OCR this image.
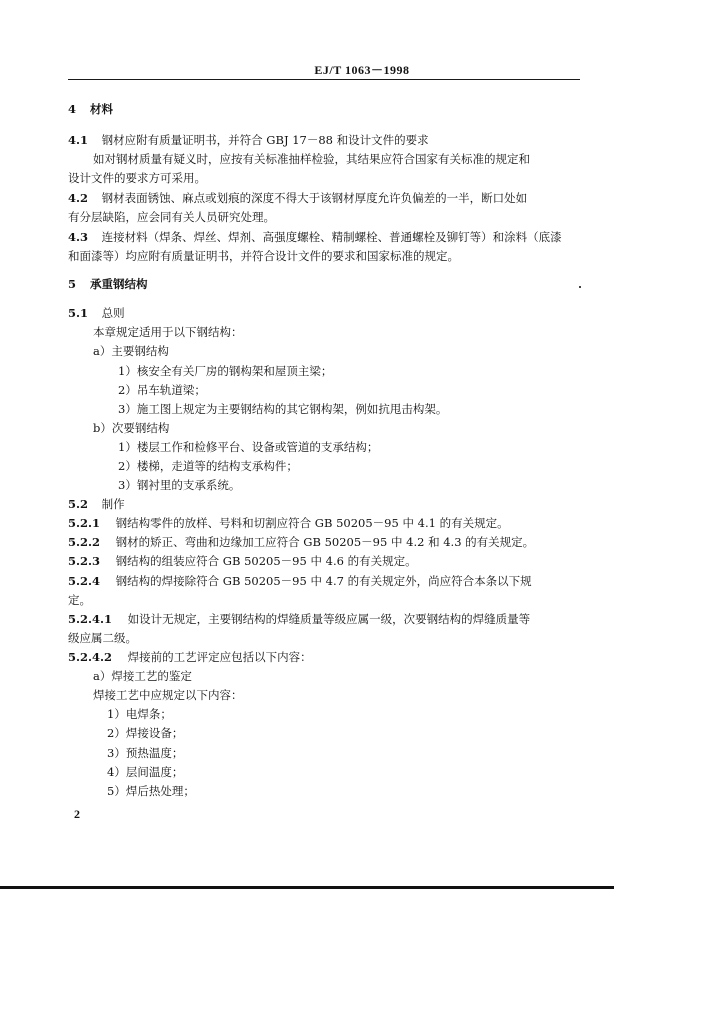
EJ/T 1063－1998
4 材料
4.1 钢材应附有质量证明书，并符合 GBJ 17－88 和设计文件的要求
如对钢材质量有疑义时，应按有关标准抽样检验，其结果应符合国家有关标准的规定和
设计文件的要求方可采用。
4.2 钢材表面锈蚀、麻点或划痕的深度不得大于该钢材厚度允许负偏差的一半，断口处如
有分层缺陷，应会同有关人员研究处理。
4.3 连接材料（焊条、焊丝、焊剂、高强度螺栓、精制螺栓、普通螺栓及铆钉等）和涂料（底漆
和面漆等）均应附有质量证明书，并符合设计文件的要求和国家标准的规定。
5 承重钢结构
5.1 总则
本章规定适用于以下钢结构：
a）主要钢结构
1）核安全有关厂房的钢构架和屋顶主梁；
2）吊车轨道梁；
3）施工图上规定为主要钢结构的其它钢构架，例如抗甩击构架。
b）次要钢结构
1）楼层工作和检修平台、设备或管道的支承结构；
2）楼梯，走道等的结构支承构件；
3）钢衬里的支承系统。
5.2 制作
5.2.1 钢结构零件的放样、号料和切割应符合 GB 50205－95 中 4.1 的有关规定。
5.2.2 钢材的矫正、弯曲和边缘加工应符合 GB 50205－95 中 4.2 和 4.3 的有关规定。
5.2.3 钢结构的组装应符合 GB 50205－95 中 4.6 的有关规定。
5.2.4 钢结构的焊接除符合 GB 50205－95 中 4.7 的有关规定外，尚应符合本条以下规
定。
5.2.4.1 如设计无规定，主要钢结构的焊缝质量等级应属一级，次要钢结构的焊缝质量等
级应属二级。
5.2.4.2 焊接前的工艺评定应包括以下内容：
a）焊接工艺的鉴定
焊接工艺中应规定以下内容：
1）电焊条；
2）焊接设备；
3）预热温度；
4）层间温度；
5）焊后热处理；
2
